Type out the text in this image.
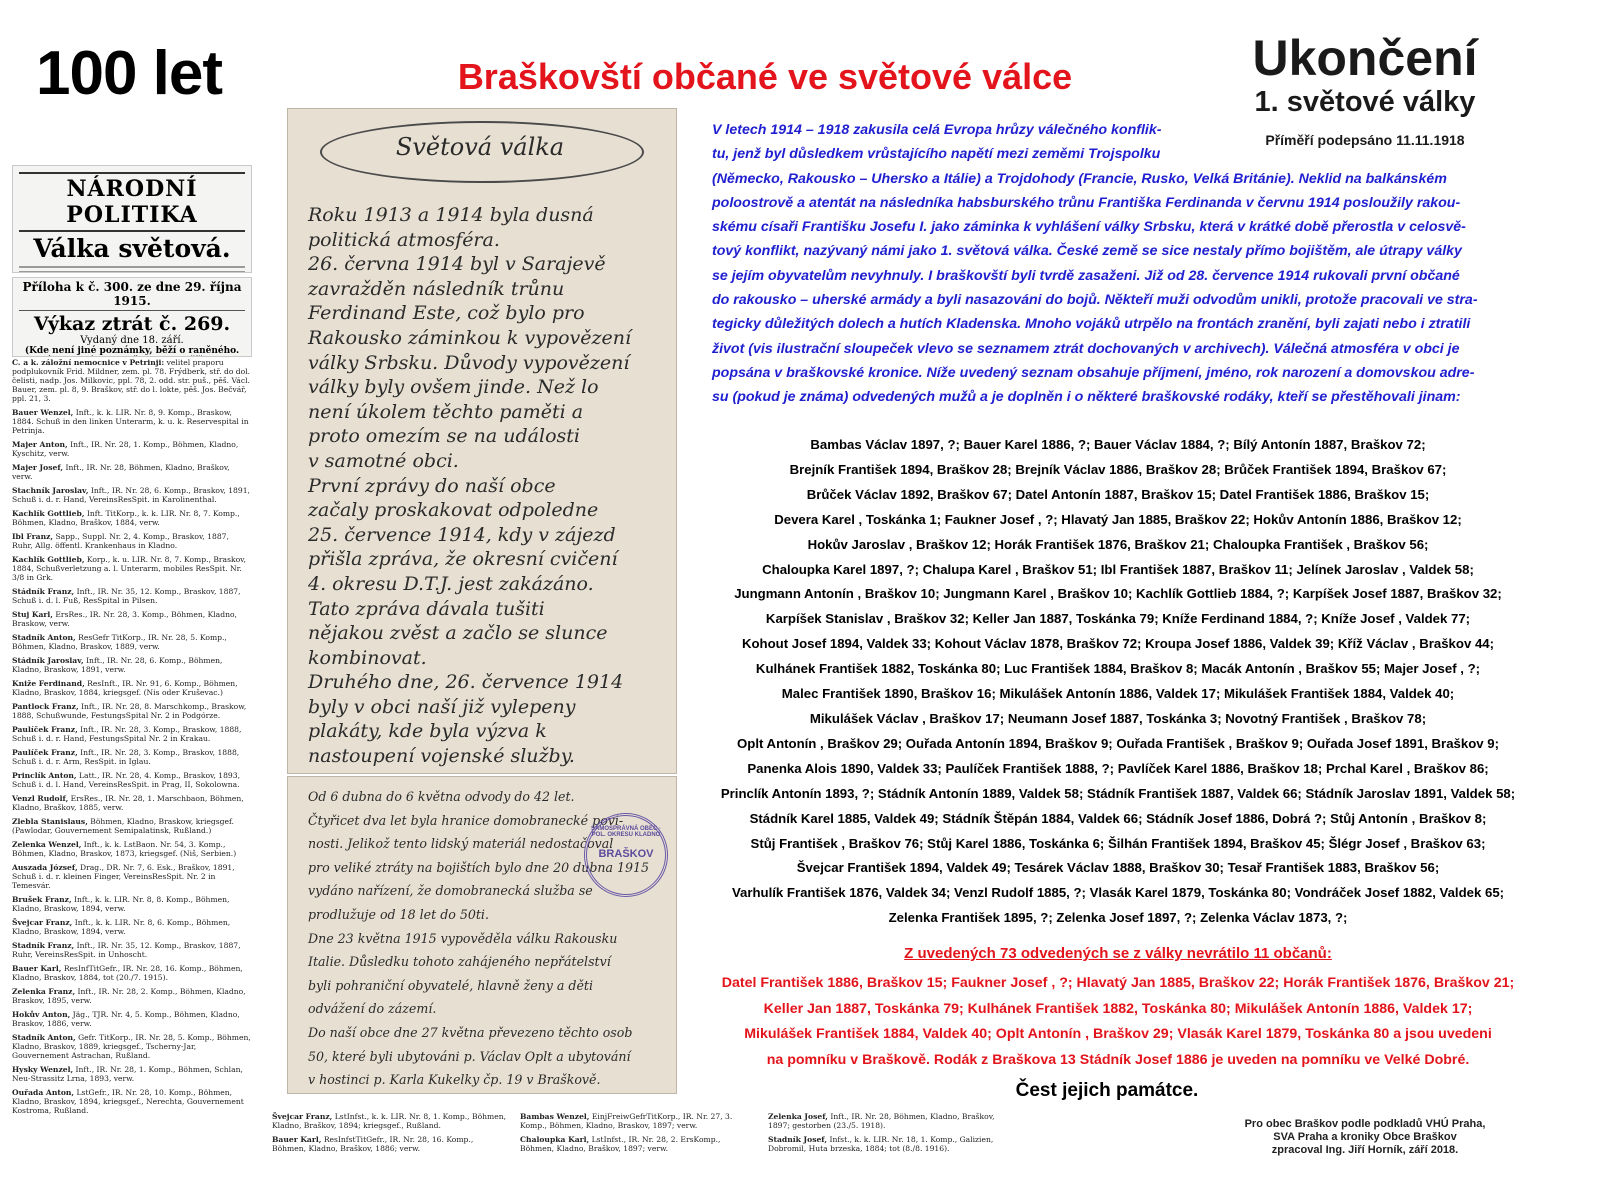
100 let	Braškovští občané ve světové válce	Ukončení
1. světové války
Příměří podepsáno 11.11.1918
NÁRODNÍ POLITIKA
Válka světová.
Příloha k č. 300. ze dne 29. října 1915.
Výkaz ztrát č. 269.
Vydaný dne 18. září.
(Kde není jiné poznámky, běží o raněného.
C. a k. záložní nemocnice v Petrinji: velitel praporu podplukovník Frid. Mildner, zem. pl. 78. Frýdberk, stř. do dol. čelisti, nadp. Jos. Milkovic, ppl. 78, 2. odd. str. puš., pěš. Václ. Bauer, zem. pl. 8, 9. Braškov, stř. do l. lokte, pěš. Jos. Bečvář, ppl. 21, 3.
Bauer Wenzel, Inft., k. k. LIR. Nr. 8, 9. Komp., Braskow, 1884. Schuß in den linken Unterarm, k. u. k. Reservespital in Petrinja.
Majer Anton, Inft., IR. Nr. 28, 1. Komp., Böhmen, Kladno, Kyschitz, verw.
Majer Josef, Inft., IR. Nr. 28, Böhmen, Kladno, Braškov, verw.
Stachník Jaroslav, Inft., IR. Nr. 28, 6. Komp., Braskov, 1891, Schuß i. d. r. Hand, VereinsResSpit. in Karolinenthal.
Kachlík Gottlieb, Inft. TitKorp., k. k. LIR. Nr. 8, 7. Komp., Böhmen, Kladno, Braškov, 1884, verw.
Ibl Franz, Sapp., Suppl. Nr. 2, 4. Komp., Braskov, 1887, Ruhr, Allg. öffentl. Krankenhaus in Kladno.
Kachlík Gottlieb, Korp., k. u. LIR. Nr. 8, 7. Komp., Braskov, 1884, Schußverletzung a. l. Unterarm, mobiles ResSpit. Nr. 3/8 in Grk.
Stádník Franz, Inft., IR. Nr. 35, 12. Komp., Braskov, 1887, Schuß i. d. l. Fuß, ResSpital in Pilsen.
Stuj Karl, ErsRes., IR. Nr. 28, 3. Komp., Böhmen, Kladno, Braskow, verw.
Stadník Anton, ResGefr TitKorp., IR. Nr. 28, 5. Komp., Böhmen, Kladno, Braskov, 1889, verw.
Stádník Jaroslav, Inft., IR. Nr. 28, 6. Komp., Böhmen, Kladno, Braskow, 1891, verw.
Kniže Ferdinand, ResInft., IR. Nr. 91, 6. Komp., Böhmen, Kladno, Braskov, 1884, kriegsgef. (Nis oder Kruševac.)
Pantlock Franz, Inft., IR. Nr. 28, 8. Marschkomp., Braskow, 1888, Schußwunde, FestungsSpital Nr. 2 in Podgórze.
Paulíček Franz, Inft., IR. Nr. 28, 3. Komp., Braskow, 1888, Schuß i. d. r. Hand, FestungsSpital Nr. 2 in Krakau.
Paulíček Franz, Inft., IR. Nr. 28, 3. Komp., Braskov, 1888, Schuß i. d. r. Arm, ResSpit. in Iglau.
Princlík Anton, Latt., IR. Nr. 28, 4. Komp., Braskov, 1893, Schuß i. d. l. Hand, VereinsResSpit. in Prag, II, Sokolowna.
Venzl Rudolf, ErsRes., IR. Nr. 28, 1. Marschbaon, Böhmen, Kladno, Braškov, 1885, verw.
Zlebla Stanislaus, Böhmen, Kladno, Braskow, kriegsgef. (Pawlodar, Gouvernement Semipalatinsk, Rußland.)
Zelenka Wenzel, Inft., k. k. LstBaon. Nr. 54, 3. Komp., Böhmen, Kladno, Braskov, 1873, kriegsgef. (Niš, Serbien.)
Auszada József, Drag., DR. Nr. 7, 6. Esk., Braškov, 1891, Schuß i. d. r. kleinen Finger, VereinsResSpit. Nr. 2 in Temesvár.
Brušek Franz, Inft., k. k. LIR. Nr. 8, 8. Komp., Böhmen, Kladno, Braskow, 1894, verw.
Švejcar Franz, Inft., k. k. LIR. Nr. 8, 6. Komp., Böhmen, Kladno, Braskow, 1894, verw.
Stadník Franz, Inft., IR. Nr. 35, 12. Komp., Braskov, 1887, Ruhr, VereinsResSpit. in Unhoscht.
Bauer Karl, ResInfTitGefr., IR. Nr. 28, 16. Komp., Böhmen, Kladno, Braskov, 1884, tot (20./7. 1915).
Zelenka Franz, Inft., IR. Nr. 28, 2. Komp., Böhmen, Kladno, Braskov, 1895, verw.
Hokův Anton, Jäg., TJR. Nr. 4, 5. Komp., Böhmen, Kladno, Braskov, 1886, verw.
Stadník Anton, Gefr. TitKorp., IR. Nr. 28, 5. Komp., Böhmen, Kladno, Braskov, 1889, kriegsgef., Tscherny-Jar, Gouvernement Astrachan, Rußland.
Hysky Wenzel, Inft., IR. Nr. 28, 1. Komp., Böhmen, Schlan, Neu-Strassitz Lrna, 1893, verw.
Ouřada Anton, LstGefr., IR. Nr. 28, 10. Komp., Böhmen, Kladno, Braskov, 1894, kriegsgef., Nerechta, Gouvernement Kostroma, Rußland.
Světová válka

Roku 1913 a 1914 byla dusná

politická atmosféra.

26. června 1914 byl v Sarajevě

zavražděn následník trůnu

Ferdinand Este, což bylo pro

Rakousko záminkou k vypovězení

války Srbsku. Důvody vypovězení

války byly ovšem jinde. Než lo

není úkolem těchto paměti a

proto omezím se na události

v samotné obci.

První zprávy do naší obce

začaly proskakovat odpoledne

25. července 1914, kdy v zájezd

přišla zpráva, že okresní cvičení

4. okresu D.T.J. jest zakázáno.

Tato zpráva dávala tušiti

nějakou zvěst a začlo se slunce

kombinovat.

Druhého dne, 26. července 1914

byly v obci naší již vylepeny

plakáty, kde byla výzva k

nastoupení vojenské služby.

Od 6 dubna do 6 května odvody do 42 let.

Čtyřicet dva let byla hranice domobranecké povi-

nosti. Jelikož tento lidský materiál nedostačoval

pro veliké ztráty na bojištích bylo dne 20 dubna 1915

vydáno nařízení, že domobranecká služba se

prodlužuje od 18 let do 50ti.

Dne 23 května 1915 vypověděla válku Rakousku

Italie. Důsledku tohoto zahájeného nepřátelství

byli pohraniční obyvatelé, hlavně ženy a děti

odvážení do zázemí.

Do naší obce dne 27 května převezeno těchto osob

50, které byli ubytováni p. Václav Oplt a ubytování

v hostinci p. Karla Kukelky čp. 19 v Braškově.

SAMOSPRÁVNÁ OBEC · POL. OKRESU KLADNO
BRAŠKOV
Švejcar Franz, LstInfst., k. k. LIR. Nr. 8, 1. Komp., Böhmen, Kladno, Braškov, 1894; kriegsgef., Rußland.
Bauer Karl, ResInfstTitGefr., IR. Nr. 28, 16. Komp., Böhmen, Kladno, Braškov, 1886; verw.
Bambas Wenzel, EinjFreiwGefrTitKorp., IR. Nr. 27, 3. Komp., Böhmen, Kladno, Braskov, 1897; verw.
Chaloupka Karl, LstInfst., IR. Nr. 28, 2. ErsKomp., Böhmen, Kladno, Braškov, 1897; verw.
Zelenka Josef, Inft., IR. Nr. 28, Böhmen, Kladno, Braškov, 1897; gestorben (23./5. 1918).
Stadník Josef, Infst., k. k. LIR. Nr. 18, 1. Komp., Galizien, Dobromil, Huta brzeska, 1884; tot (8./8. 1916).

V letech 1914 – 1918 zakusila celá Evropa hrůzy válečného konflik-

tu, jenž byl důsledkem vrůstajícího napětí mezi zeměmi Trojspolku

(Německo, Rakousko – Uhersko a Itálie) a Trojdohody (Francie, Rusko, Velká Británie). Neklid na balkánském

poloostrově a atentát na následníka habsburského trůnu Františka Ferdinanda v červnu 1914 posloužily rakou-

skému císaři Františku Josefu I. jako záminka k vyhlášení války Srbsku, která v krátké době přerostla v celosvě-

tový konflikt, nazývaný námi jako 1. světová válka. České země se sice nestaly přímo bojištěm, ale útrapy války

se jejím obyvatelům nevyhnuly. I braškovští byli tvrdě zasaženi. Již od 28. července 1914 rukovali první občané

do rakousko – uherské armády a byli nasazováni do bojů. Někteří muži odvodům unikli, protože pracovali ve stra-

tegicky důležitých dolech a hutích Kladenska. Mnoho vojáků utrpělo na frontách zranění, byli zajati nebo i ztratili

život (vis ilustrační sloupeček vlevo se seznamem ztrát dochovaných v archivech). Válečná atmosféra v obci je

popsána v braškovské kronice. Níže uvedený seznam obsahuje příjmení, jméno, rok narození a domovskou adre-

su (pokud je známa) odvedených mužů a je doplněn i o některé braškovské rodáky, kteří se přestěhovali jinam:

Bambas Václav 1897, ?; Bauer Karel 1886, ?; Bauer Václav 1884, ?; Bílý Antonín 1887, Braškov 72;

Brejník František 1894, Braškov 28; Brejník Václav 1886, Braškov 28; Brůček František 1894, Braškov 67;

Brůček Václav 1892, Braškov 67; Datel Antonín 1887, Braškov 15; Datel František 1886, Braškov 15;

Devera Karel , Toskánka 1; Faukner Josef , ?; Hlavatý Jan 1885, Braškov 22; Hokův Antonín 1886, Braškov 12;

Hokův Jaroslav , Braškov 12; Horák František 1876, Braškov 21; Chaloupka František , Braškov 56;

Chaloupka Karel 1897, ?; Chalupa Karel , Braškov 51; Ibl František 1887, Braškov 11; Jelínek Jaroslav , Valdek 58;

Jungmann Antonín , Braškov 10; Jungmann Karel , Braškov 10; Kachlík Gottlieb 1884, ?; Karpíšek Josef 1887, Braškov 32;

Karpíšek Stanislav , Braškov 32; Keller Jan 1887, Toskánka 79; Kníže Ferdinand 1884, ?; Kníže Josef , Valdek 77;

Kohout Josef 1894, Valdek 33; Kohout Václav 1878, Braškov 72; Kroupa Josef 1886, Valdek 39; Kříž Václav , Braškov 44;

Kulhánek František 1882, Toskánka 80; Luc František 1884, Braškov 8; Macák Antonín , Braškov 55; Majer Josef , ?;

Malec František 1890, Braškov 16; Mikulášek Antonín 1886, Valdek 17; Mikulášek František 1884, Valdek 40;

Mikulášek Václav , Braškov 17; Neumann Josef 1887, Toskánka 3; Novotný František , Braškov 78;

Oplt Antonín , Braškov 29; Ouřada Antonín 1894, Braškov 9; Ouřada František , Braškov 9; Ouřada Josef 1891, Braškov 9;

Panenka Alois 1890, Valdek 33; Paulíček František 1888, ?; Pavlíček Karel 1886, Braškov 18; Prchal Karel , Braškov 86;

Princlík Antonín 1893, ?; Stádník Antonín 1889, Valdek 58; Stádník František 1887, Valdek 66; Stádník Jaroslav 1891, Valdek 58;

Stádník Karel 1885, Valdek 49; Stádník Štěpán 1884, Valdek 66; Stádník Josef 1886, Dobrá ?; Stůj Antonín , Braškov 8;

Stůj František , Braškov 76; Stůj Karel 1886, Toskánka 6; Šilhán František 1894, Braškov 45; Šlégr Josef , Braškov 63;

Švejcar František 1894, Valdek 49; Tesárek Václav 1888, Braškov 30; Tesař František 1883, Braškov 56;

Varhulík František 1876, Valdek 34; Venzl Rudolf 1885, ?; Vlasák Karel 1879, Toskánka 80; Vondráček Josef 1882, Valdek 65;

Zelenka František 1895, ?; Zelenka Josef 1897, ?; Zelenka Václav 1873, ?;

Z uvedených 73 odvedených se z války nevrátilo 11 občanů:

Datel František 1886, Braškov 15; Faukner Josef , ?; Hlavatý Jan 1885, Braškov 22; Horák František 1876, Braškov 21;

Keller Jan 1887, Toskánka 79; Kulhánek František 1882, Toskánka 80; Mikulášek Antonín 1886, Valdek 17;

Mikulášek František 1884, Valdek 40; Oplt Antonín , Braškov 29; Vlasák Karel 1879, Toskánka 80 a jsou uvedeni

na pomníku v Braškově. Rodák z Braškova 13 Stádník Josef 1886 je uveden na pomníku ve Velké Dobré.

Čest jejich památce.

Pro obec Braškov podle podkladů VHÚ Praha,

SVA Praha a kroniky Obce Braškov

zpracoval Ing. Jiří Horník, září 2018.
